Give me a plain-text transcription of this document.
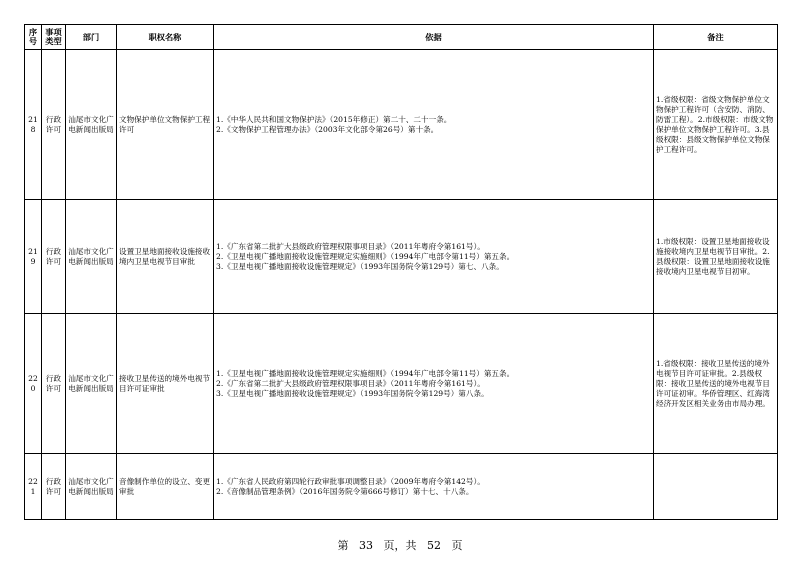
序号	事项类型	部门	职权名称	依据	备注
218	行政许可	汕尾市文化广电新闻出版局	文物保护单位文物保护工程许可	1.《中华人民共和国文物保护法》（2015年修正）第二十、二十一条。
2.《文物保护工程管理办法》（2003年文化部令第26号）第十条。	1.省级权限：省级文物保护单位文物保护工程许可（含安防、消防、防雷工程）。2.市级权限：市级文物保护单位文物保护工程许可。3.县级权限：县级文物保护单位文物保护工程许可。
219	行政许可	汕尾市文化广电新闻出版局	设置卫星地面接收设施接收境内卫星电视节目审批	1.《广东省第二批扩大县级政府管理权限事项目录》（2011年粤府令第161号）。
2.《卫星电视广播地面接收设施管理规定实施细则》（1994年广电部令第11号）第五条。
3.《卫星电视广播地面接收设施管理规定》（1993年国务院令第129号）第七、八条。	1.市级权限：设置卫星地面接收设施接收境内卫星电视节目审批。2.县级权限：设置卫星地面接收设施接收境内卫星电视节目初审。
220	行政许可	汕尾市文化广电新闻出版局	接收卫星传送的境外电视节目许可证审批	1.《卫星电视广播地面接收设施管理规定实施细则》（1994年广电部令第11号）第五条。
2.《广东省第二批扩大县级政府管理权限事项目录》（2011年粤府令第161号）。
3.《卫星电视广播地面接收设施管理规定》（1993年国务院令第129号）第八条。	1.省级权限：接收卫星传送的境外电视节目许可证审批。2.县级权限：接收卫星传送的境外电视节目许可证初审。华侨管理区、红海湾经济开发区相关业务由市局办理。
221	行政许可	汕尾市文化广电新闻出版局	音像制作单位的设立、变更审批	1.《广东省人民政府第四轮行政审批事项调整目录》（2009年粤府令第142号）。
2.《音像制品管理条例》（2016年国务院令第666号修订）第十七、十八条。	

第 33 页，共 52 页
